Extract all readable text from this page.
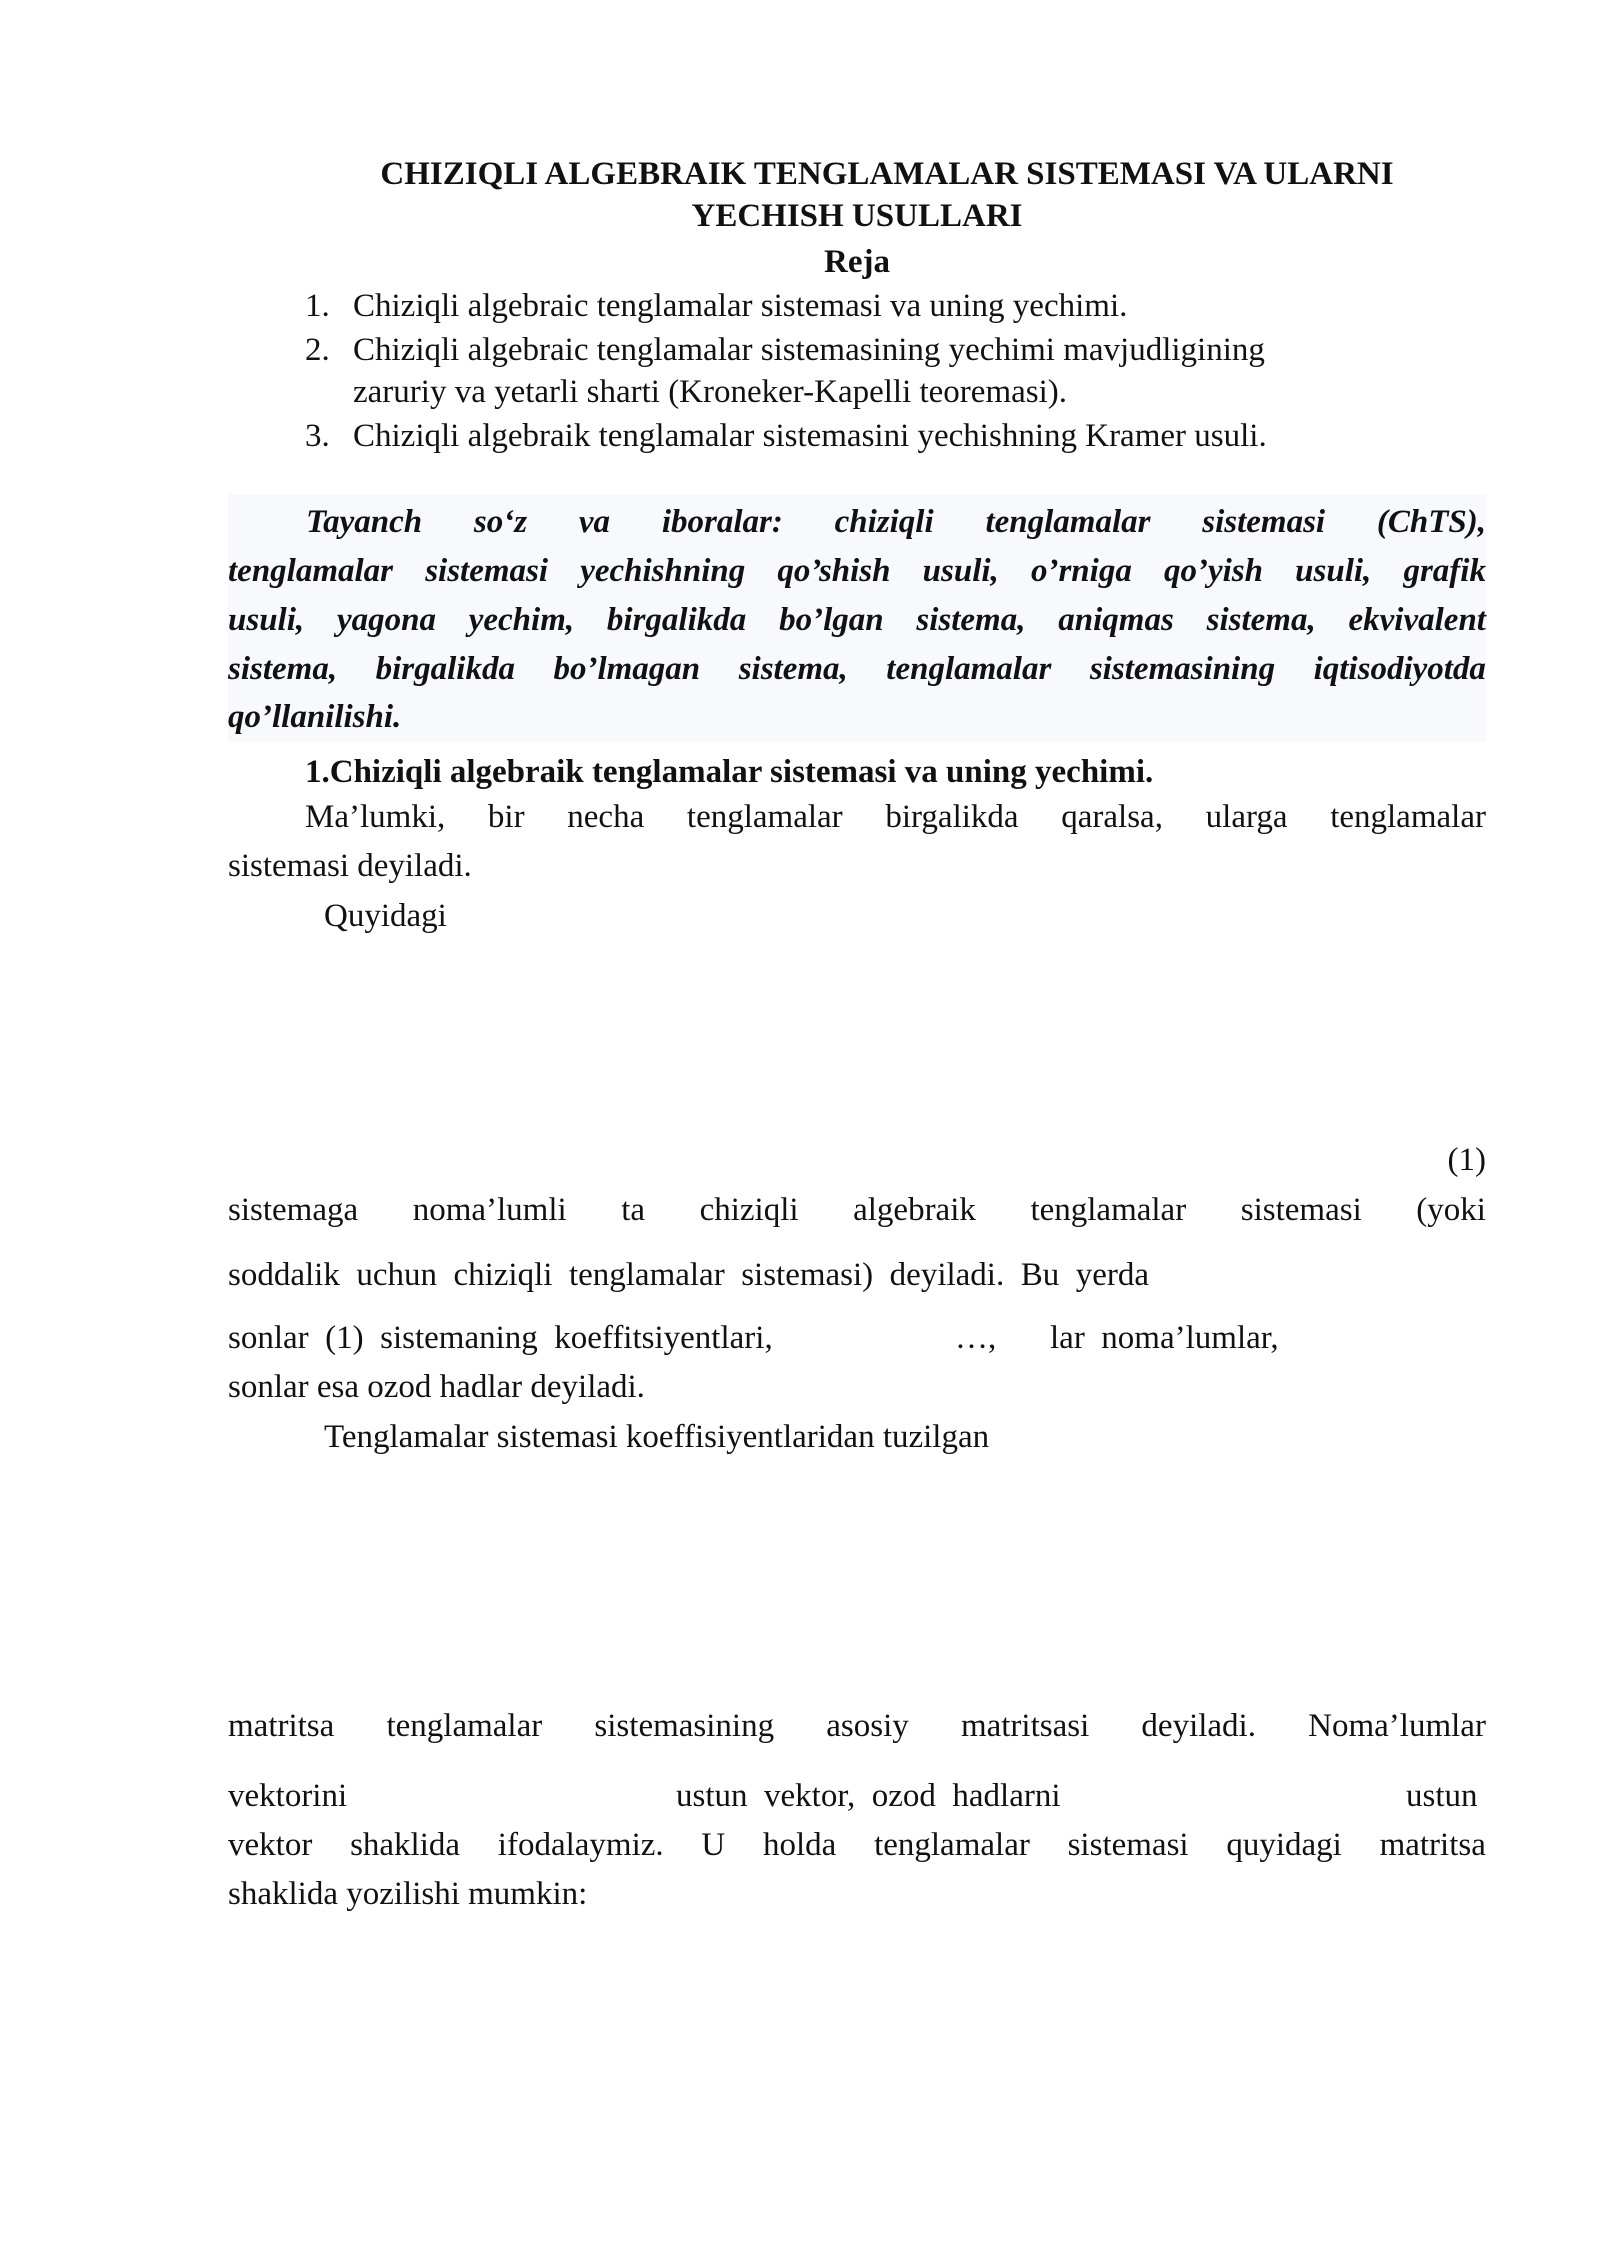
CHIZIQLI ALGEBRAIK TENGLAMALAR SISTEMASI VA ULARNI
YECHISH USULLARI
Reja
1. Chiziqli algebraic tenglamalar sistemasi va uning yechimi.
2. Chiziqli algebraic tenglamalar sistemasining yechimi mavjudligining
zaruriy va yetarli sharti (Kroneker-Kapelli teoremasi).
3. Chiziqli algebraik tenglamalar sistemasini yechishning Kramer usuli.
Tayanch so‘z va iboralar: chiziqli tenglamalar sistemasi (ChTS),
tenglamalar sistemasi yechishning qo’shish usuli, o’rniga qo’yish usuli, grafik
usuli, yagona yechim, birgalikda bo’lgan sistema, aniqmas sistema, ekvivalent
sistema, birgalikda bo’lmagan sistema, tenglamalar sistemasining iqtisodiyotda
qo’llanilishi.
1.Chiziqli algebraik tenglamalar sistemasi va uning yechimi.
Ma’lumki, bir necha tenglamalar birgalikda qaralsa, ularga tenglamalar
sistemasi deyiladi.
Quyidagi
(1)
sistemaga noma’lumli ta chiziqli algebraik tenglamalar sistemasi (yoki
soddalik  uchun  chiziqli  tenglamalar  sistemasi)  deyiladi.  Bu  yerda
sonlar  (1)  sistemaning  koeffitsiyentlari,	…, lar  noma’lumlar,
sonlar esa ozod hadlar deyiladi.
Tenglamalar sistemasi koeffisiyentlaridan tuzilgan
matritsa tenglamalar sistemasining asosiy matritsasi deyiladi. Noma’lumlar
vektorini	ustun  vektor,  ozod  hadlarni	ustun
vektor shaklida ifodalaymiz. U holda tenglamalar sistemasi quyidagi matritsa
shaklida yozilishi mumkin:
